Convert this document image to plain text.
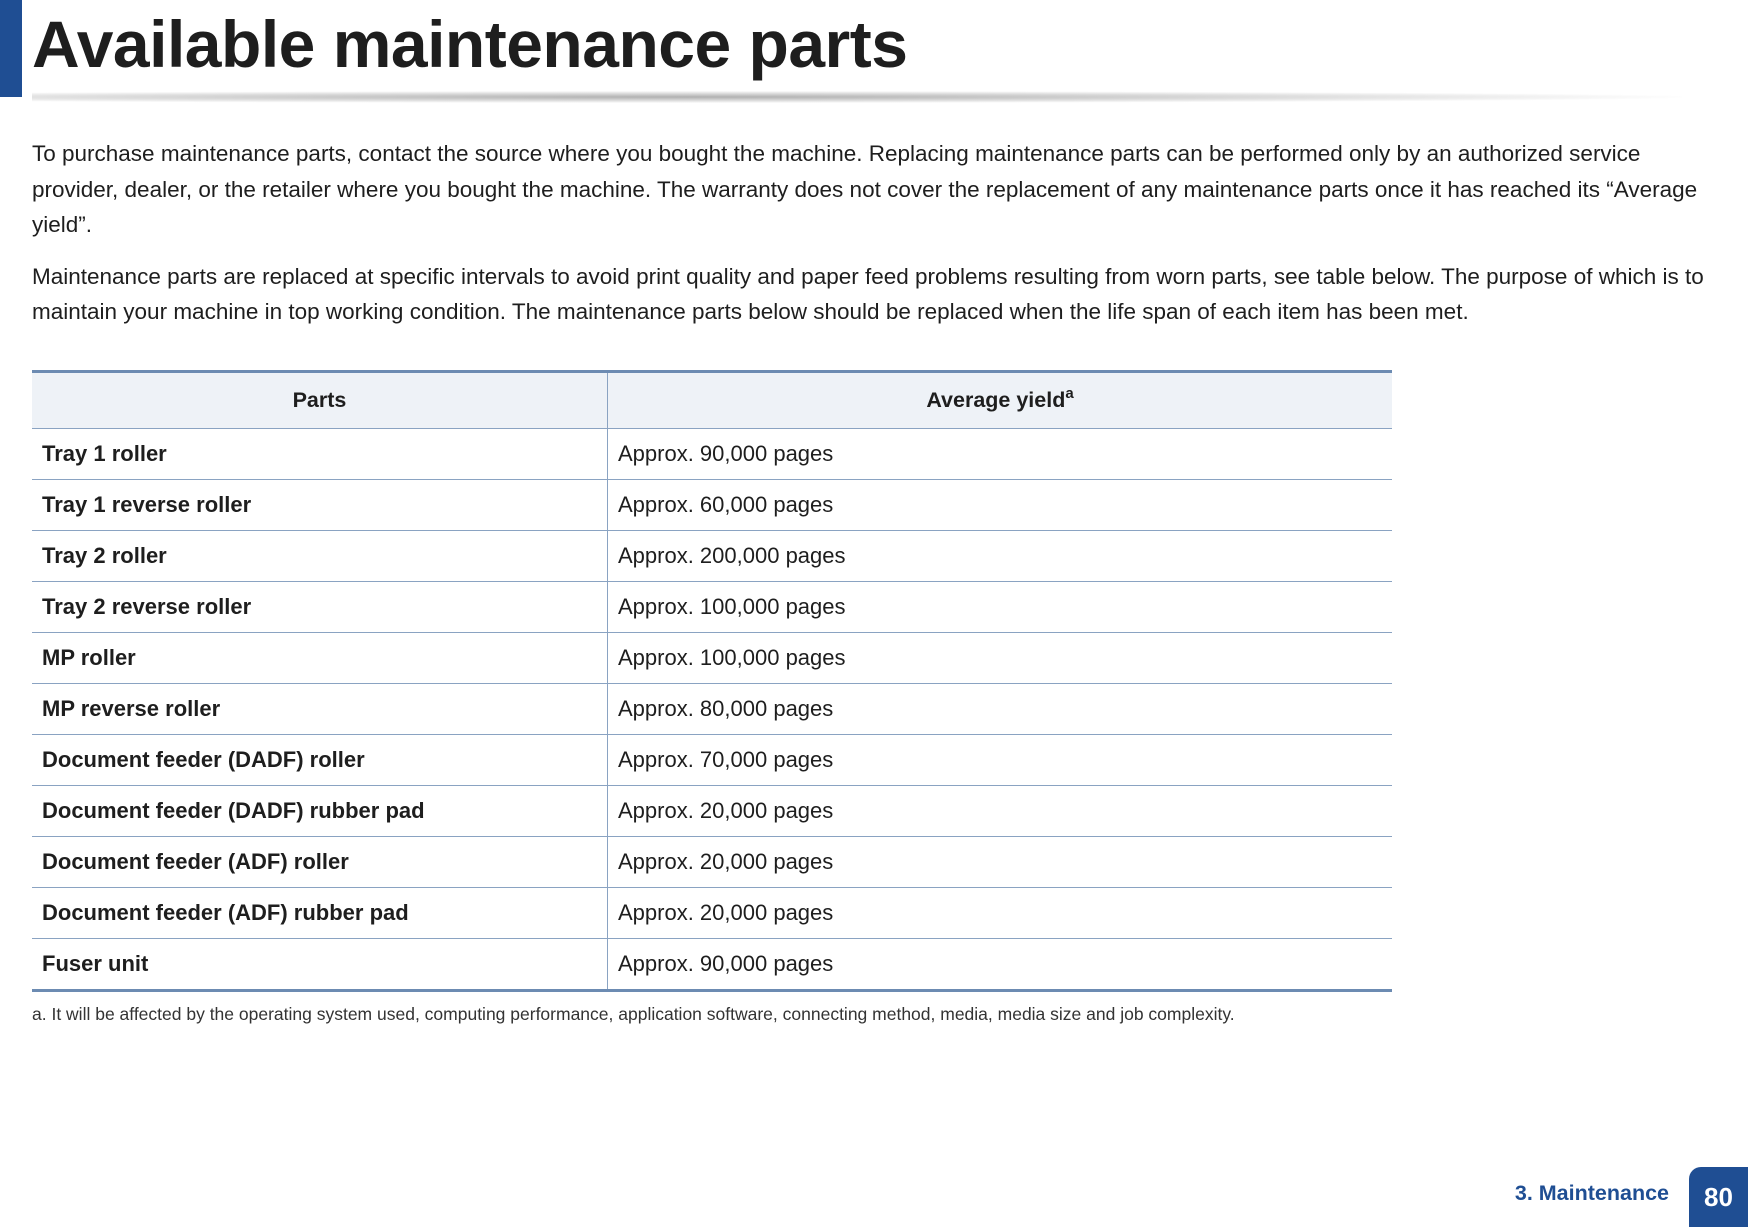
Available maintenance parts

To purchase maintenance parts, contact the source where you bought the machine. Replacing maintenance parts can be performed only by an authorized service provider, dealer, or the retailer where you bought the machine. The warranty does not cover the replacement of any maintenance parts once it has reached its “Average yield”.

Maintenance parts are replaced at specific intervals to avoid print quality and paper feed problems resulting from worn parts, see table below. The purpose of which is to maintain your machine in top working condition. The maintenance parts below should be replaced when the life span of each item has been met.

Parts	Average yield$^a$
Tray 1 roller	Approx. 90,000 pages
Tray 1 reverse roller	Approx. 60,000 pages
Tray 2 roller	Approx. 200,000 pages
Tray 2 reverse roller	Approx. 100,000 pages
MP roller	Approx. 100,000 pages
MP reverse roller	Approx. 80,000 pages
Document feeder (DADF) roller	Approx. 70,000 pages
Document feeder (DADF) rubber pad	Approx. 20,000 pages
Document feeder (ADF) roller	Approx. 20,000 pages
Document feeder (ADF) rubber pad	Approx. 20,000 pages
Fuser unit	Approx. 90,000 pages
a. It will be affected by the operating system used, computing performance, application software, connecting method, media, media size and job complexity.
3. Maintenance	80
